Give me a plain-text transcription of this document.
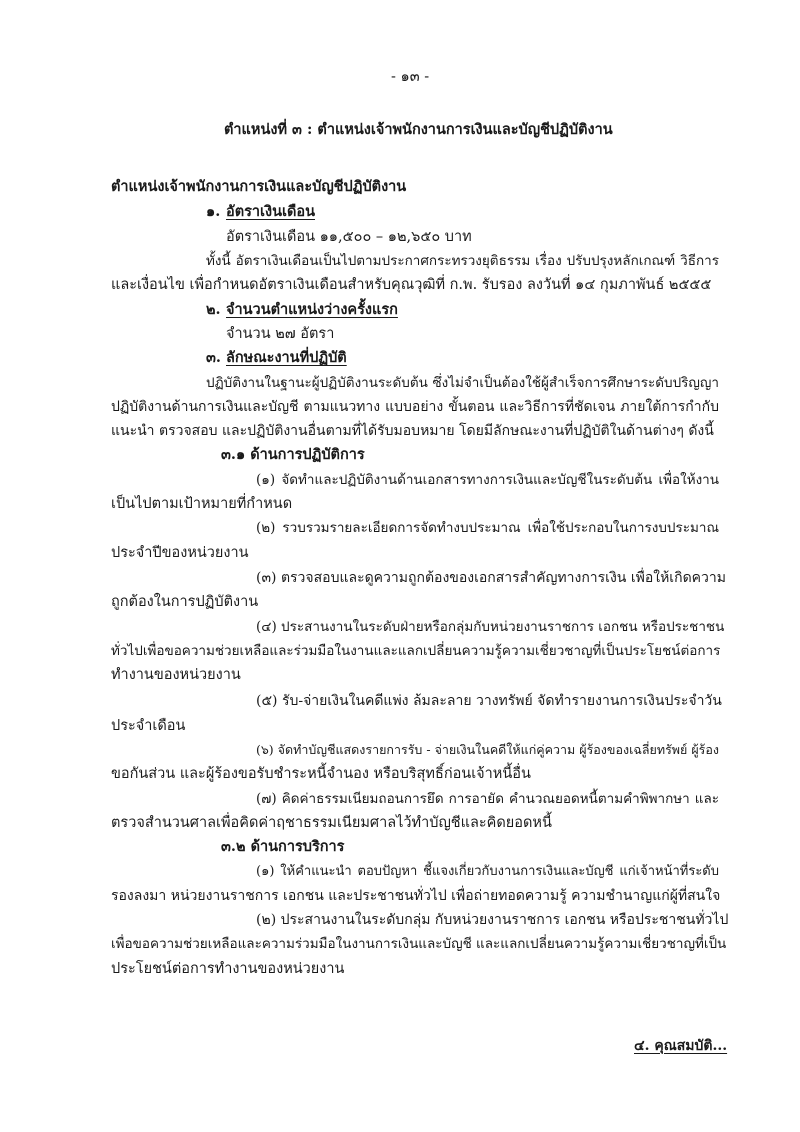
- ๑๓ -
ตำแหน่งที่ ๓ : ตำแหน่งเจ้าพนักงานการเงินและบัญชีปฏิบัติงาน
ตำแหน่งเจ้าพนักงานการเงินและบัญชีปฏิบัติงาน
๑. อัตราเงินเดือน
อัตราเงินเดือน ๑๑,๕๐๐ – ๑๒,๖๕๐ บาท
ทั้งนี้ อัตราเงินเดือนเป็นไปตามประกาศกระทรวงยุติธรรม เรื่อง ปรับปรุงหลักเกณฑ์ วิธีการ
และเงื่อนไข เพื่อกำหนดอัตราเงินเดือนสำหรับคุณวุฒิที่ ก.พ. รับรอง ลงวันที่ ๑๔ กุมภาพันธ์ ๒๕๕๕
๒. จำนวนตำแหน่งว่างครั้งแรก
จำนวน ๒๗ อัตรา
๓. ลักษณะงานที่ปฏิบัติ
ปฏิบัติงานในฐานะผู้ปฏิบัติงานระดับต้น ซึ่งไม่จำเป็นต้องใช้ผู้สำเร็จการศึกษาระดับปริญญา
ปฏิบัติงานด้านการเงินและบัญชี ตามแนวทาง แบบอย่าง ขั้นตอน และวิธีการที่ชัดเจน ภายใต้การกำกับ
แนะนำ ตรวจสอบ และปฏิบัติงานอื่นตามที่ได้รับมอบหมาย โดยมีลักษณะงานที่ปฏิบัติในด้านต่างๆ ดังนี้
๓.๑ ด้านการปฏิบัติการ
(๑) จัดทำและปฏิบัติงานด้านเอกสารทางการเงินและบัญชีในระดับต้น เพื่อให้งาน
เป็นไปตามเป้าหมายที่กำหนด
(๒) รวบรวมรายละเอียดการจัดทำงบประมาณ เพื่อใช้ประกอบในการงบประมาณ
ประจำปีของหน่วยงาน
(๓) ตรวจสอบและดูความถูกต้องของเอกสารสำคัญทางการเงิน เพื่อให้เกิดความ
ถูกต้องในการปฏิบัติงาน
(๔) ประสานงานในระดับฝ่ายหรือกลุ่มกับหน่วยงานราชการ เอกชน หรือประชาชน
ทั่วไปเพื่อขอความช่วยเหลือและร่วมมือในงานและแลกเปลี่ยนความรู้ความเชี่ยวชาญที่เป็นประโยชน์ต่อการ
ทำงานของหน่วยงาน
(๕) รับ-จ่ายเงินในคดีแพ่ง ล้มละลาย วางทรัพย์ จัดทำรายงานการเงินประจำวัน
ประจำเดือน
(๖) จัดทำบัญชีแสดงรายการรับ - จ่ายเงินในคดีให้แก่คู่ความ ผู้ร้องของเฉลี่ยทรัพย์ ผู้ร้อง
ขอกันส่วน และผู้ร้องขอรับชำระหนี้จำนอง หรือบริสุทธิ์ก่อนเจ้าหนี้อื่น
(๗) คิดค่าธรรมเนียมถอนการยึด การอายัด คำนวณยอดหนี้ตามคำพิพากษา และ
ตรวจสำนวนศาลเพื่อคิดค่าฤชาธรรมเนียมศาลไว้ทำบัญชีและคิดยอดหนี้
๓.๒ ด้านการบริการ
(๑) ให้คำแนะนำ ตอบปัญหา ชี้แจงเกี่ยวกับงานการเงินและบัญชี แก่เจ้าหน้าที่ระดับ
รองลงมา หน่วยงานราชการ เอกชน และประชาชนทั่วไป เพื่อถ่ายทอดความรู้ ความชำนาญแก่ผู้ที่สนใจ
(๒) ประสานงานในระดับกลุ่ม กับหน่วยงานราชการ เอกชน หรือประชาชนทั่วไป
เพื่อขอความช่วยเหลือและความร่วมมือในงานการเงินและบัญชี และแลกเปลี่ยนความรู้ความเชี่ยวชาญที่เป็น
ประโยชน์ต่อการทำงานของหน่วยงาน
๔. คุณสมบัติ...
